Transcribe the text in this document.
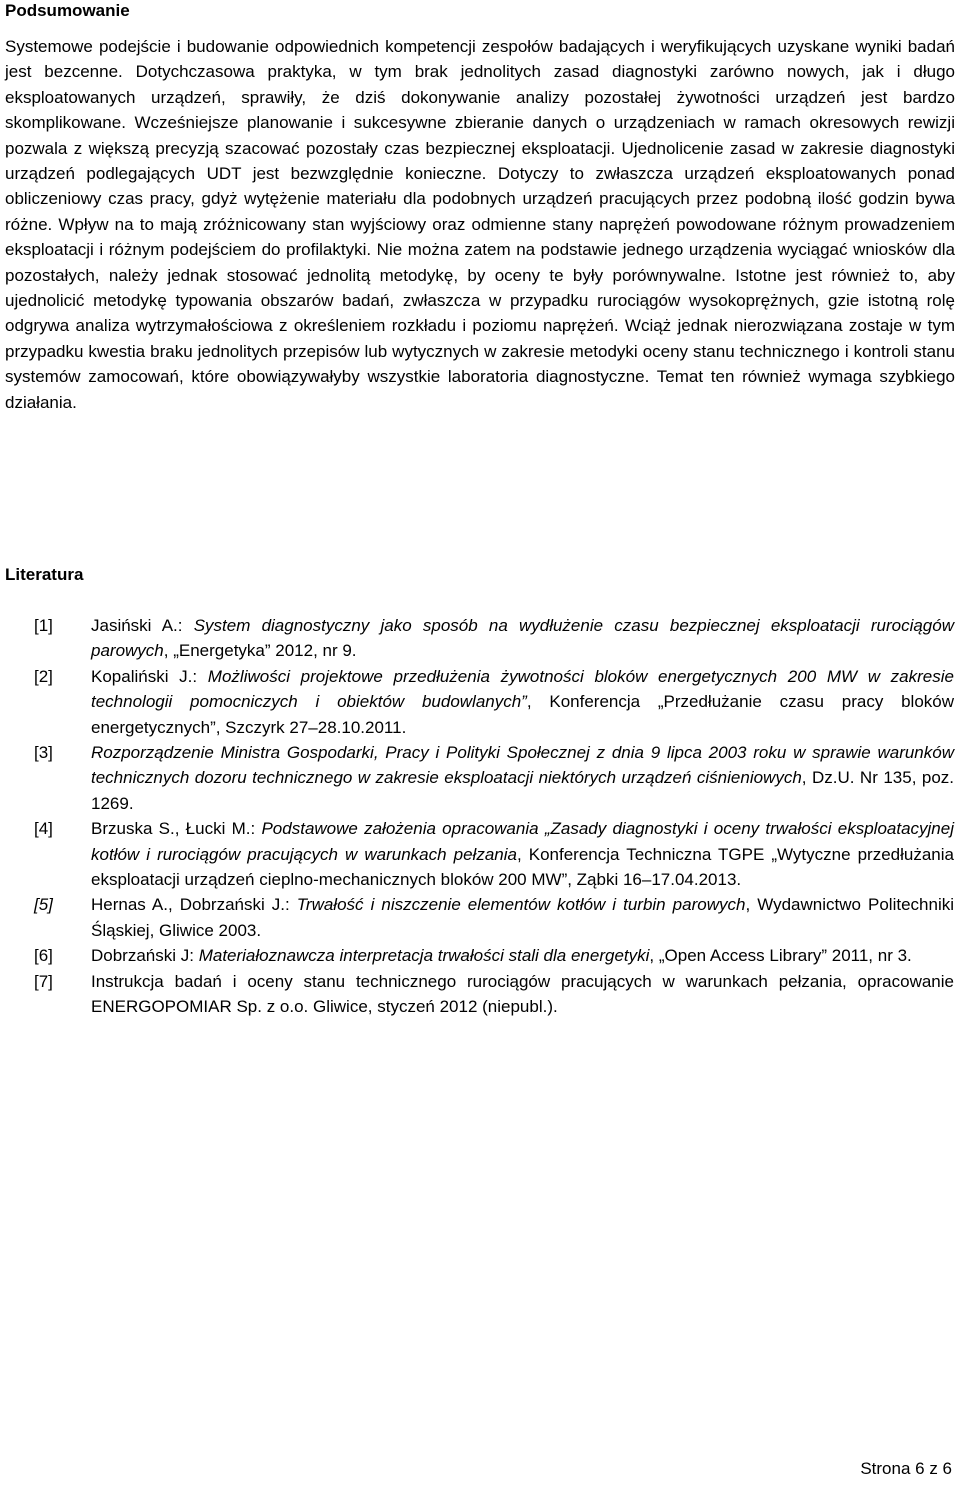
Podsumowanie

Systemowe podejście i budowanie odpowiednich kompetencji zespołów badających i weryfikujących uzyskane wyniki badań jest bezcenne. Dotychczasowa praktyka, w tym brak jednolitych zasad diagnostyki zarówno nowych, jak i długo eksploatowanych urządzeń, sprawiły, że dziś dokonywanie analizy pozostałej żywotności urządzeń jest bardzo skomplikowane. Wcześniejsze planowanie i sukcesywne zbieranie danych o urządzeniach w ramach okresowych rewizji pozwala z większą precyzją szacować pozostały czas bezpiecznej eksploatacji. Ujednolicenie zasad w zakresie diagnostyki urządzeń podlegających UDT jest bezwzględnie konieczne. Dotyczy to zwłaszcza urządzeń eksploatowanych ponad obliczeniowy czas pracy, gdyż wytężenie materiału dla podobnych urządzeń pracujących przez podobną ilość godzin bywa różne. Wpływ na to mają zróżnicowany stan wyjściowy oraz odmienne stany naprężeń powodowane różnym prowadzeniem eksploatacji i różnym podejściem do profilaktyki. Nie można zatem na podstawie jednego urządzenia wyciągać wniosków dla pozostałych, należy jednak stosować jednolitą metodykę, by oceny te były porównywalne. Istotne jest również to, aby ujednolicić metodykę typowania obszarów badań, zwłaszcza w przypadku rurociągów wysokoprężnych, gzie istotną rolę odgrywa analiza wytrzymałościowa z określeniem rozkładu i poziomu naprężeń. Wciąż jednak nierozwiązana zostaje w tym przypadku kwestia braku jednolitych przepisów lub wytycznych w zakresie metodyki oceny stanu technicznego i kontroli stanu systemów zamocowań, które obowiązywałyby wszystkie laboratoria diagnostyczne. Temat ten również wymaga szybkiego działania.

Literatura
[1] Jasiński A.: System diagnostyczny jako sposób na wydłużenie czasu bezpiecznej eksploatacji rurociągów parowych, „Energetyka” 2012, nr 9.
[2] Kopaliński J.: Możliwości projektowe przedłużenia żywotności bloków energetycznych 200 MW w zakresie technologii pomocniczych i obiektów budowlanych”, Konferencja „Przedłużanie czasu pracy bloków energetycznych”, Szczyrk 27–28.10.2011.
[3] Rozporządzenie Ministra Gospodarki, Pracy i Polityki Społecznej z dnia 9 lipca 2003 roku w sprawie warunków technicznych dozoru technicznego w zakresie eksploatacji niektórych urządzeń ciśnieniowych, Dz.U. Nr 135, poz. 1269.
[4] Brzuska S., Łucki M.: Podstawowe założenia opracowania „Zasady diagnostyki i oceny trwałości eksploatacyjnej kotłów i rurociągów pracujących w warunkach pełzania, Konferencja Techniczna TGPE „Wytyczne przedłużania eksploatacji urządzeń cieplno-mechanicznych bloków 200 MW”, Ząbki 16–17.04.2013.
[5] Hernas A., Dobrzański J.: Trwałość i niszczenie elementów kotłów i turbin parowych, Wydawnictwo Politechniki Śląskiej, Gliwice 2003.
[6] Dobrzański J: Materiałoznawcza interpretacja trwałości stali dla energetyki, „Open Access Library” 2011, nr 3.
[7] Instrukcja badań i oceny stanu technicznego rurociągów pracujących w warunkach pełzania, opracowanie ENERGOPOMIAR Sp. z o.o. Gliwice, styczeń 2012 (niepubl.).
Strona 6 z 6
